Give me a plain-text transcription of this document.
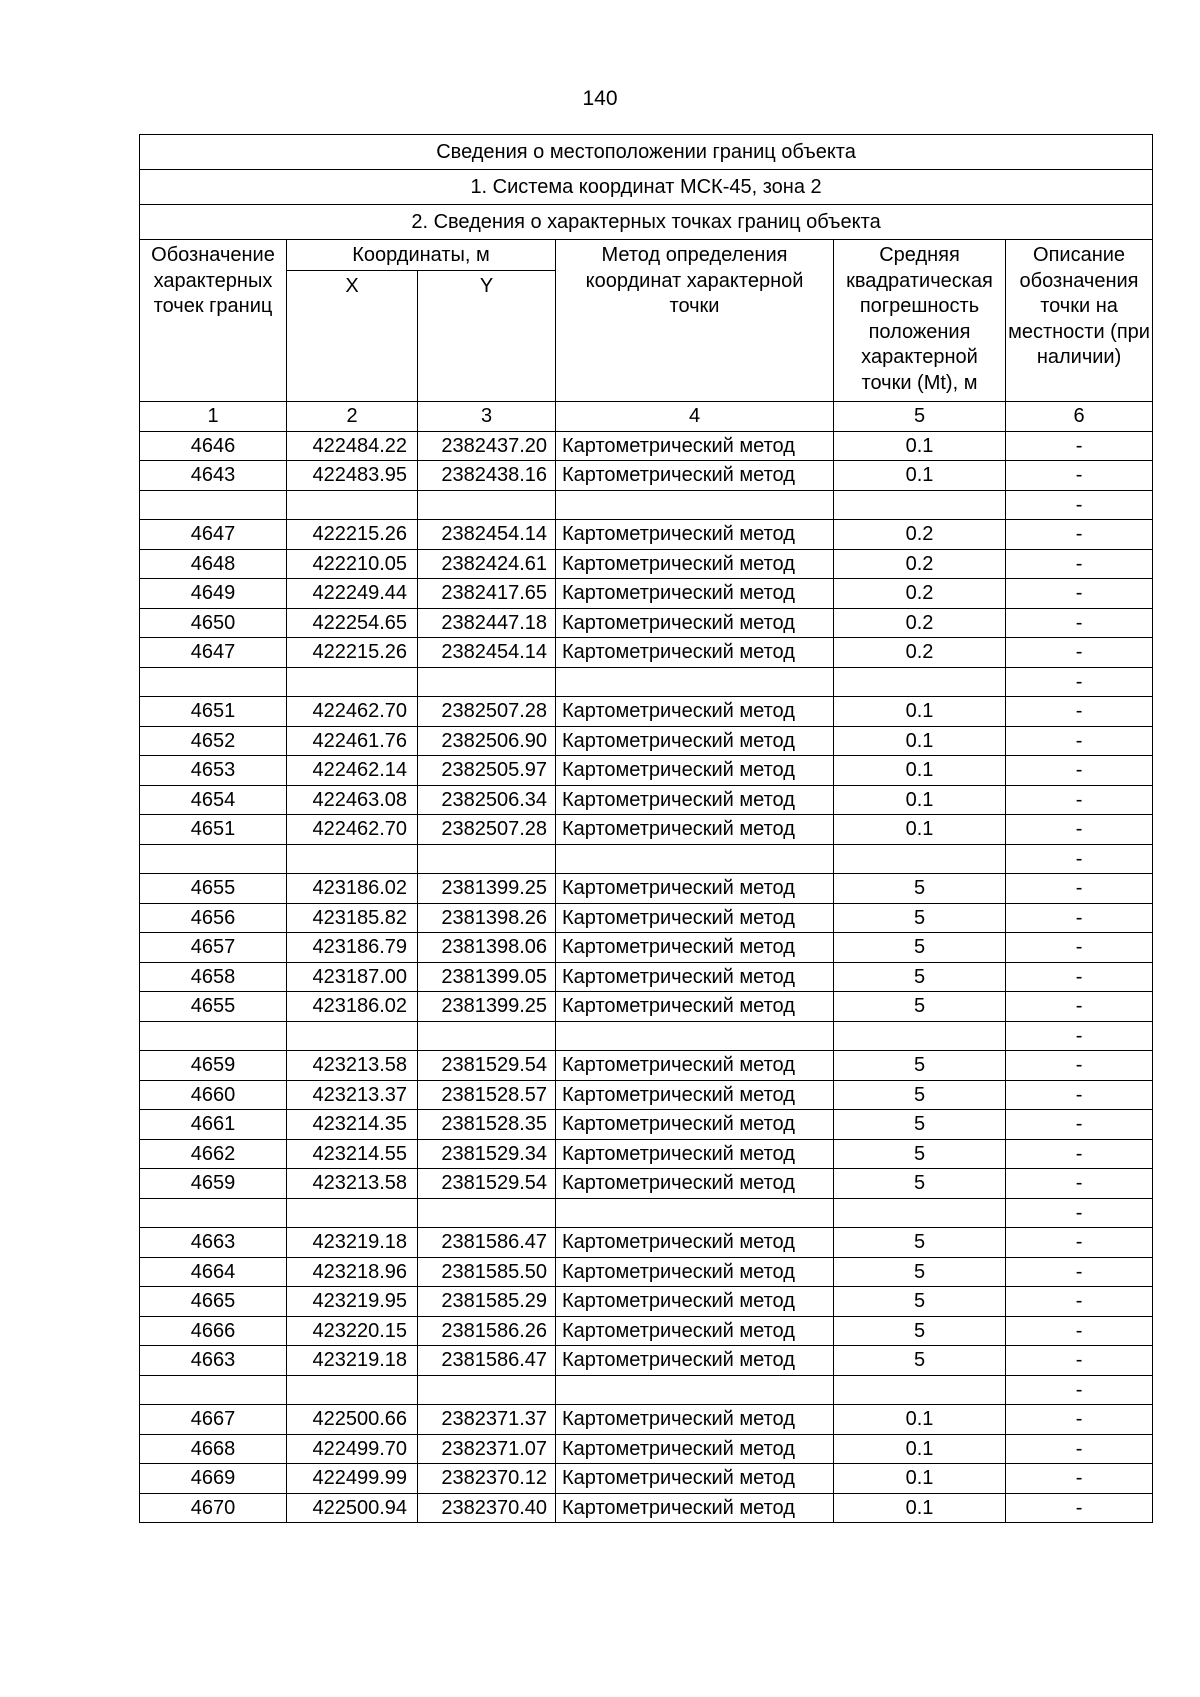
140
Сведения о местоположении границ объекта					
1. Система координат МСК-45, зона 2					
2. Сведения о характерных точках границ объекта					
Обозначение характерных точек границ	Координаты, м		Метод определения координат характерной точки	Средняя квадратическая погрешность положения характерной точки (Mt), м	Описание обозначения точки на местности (при наличии)
	X	Y			
1	2	3	4	5	6
4646	422484.22	2382437.20	Картометрический метод	0.1	-
4643	422483.95	2382438.16	Картометрический метод	0.1	-
					-
4647	422215.26	2382454.14	Картометрический метод	0.2	-
4648	422210.05	2382424.61	Картометрический метод	0.2	-
4649	422249.44	2382417.65	Картометрический метод	0.2	-
4650	422254.65	2382447.18	Картометрический метод	0.2	-
4647	422215.26	2382454.14	Картометрический метод	0.2	-
					-
4651	422462.70	2382507.28	Картометрический метод	0.1	-
4652	422461.76	2382506.90	Картометрический метод	0.1	-
4653	422462.14	2382505.97	Картометрический метод	0.1	-
4654	422463.08	2382506.34	Картометрический метод	0.1	-
4651	422462.70	2382507.28	Картометрический метод	0.1	-
					-
4655	423186.02	2381399.25	Картометрический метод	5	-
4656	423185.82	2381398.26	Картометрический метод	5	-
4657	423186.79	2381398.06	Картометрический метод	5	-
4658	423187.00	2381399.05	Картометрический метод	5	-
4655	423186.02	2381399.25	Картометрический метод	5	-
					-
4659	423213.58	2381529.54	Картометрический метод	5	-
4660	423213.37	2381528.57	Картометрический метод	5	-
4661	423214.35	2381528.35	Картометрический метод	5	-
4662	423214.55	2381529.34	Картометрический метод	5	-
4659	423213.58	2381529.54	Картометрический метод	5	-
					-
4663	423219.18	2381586.47	Картометрический метод	5	-
4664	423218.96	2381585.50	Картометрический метод	5	-
4665	423219.95	2381585.29	Картометрический метод	5	-
4666	423220.15	2381586.26	Картометрический метод	5	-
4663	423219.18	2381586.47	Картометрический метод	5	-
					-
4667	422500.66	2382371.37	Картометрический метод	0.1	-
4668	422499.70	2382371.07	Картометрический метод	0.1	-
4669	422499.99	2382370.12	Картометрический метод	0.1	-
4670	422500.94	2382370.40	Картометрический метод	0.1	-
